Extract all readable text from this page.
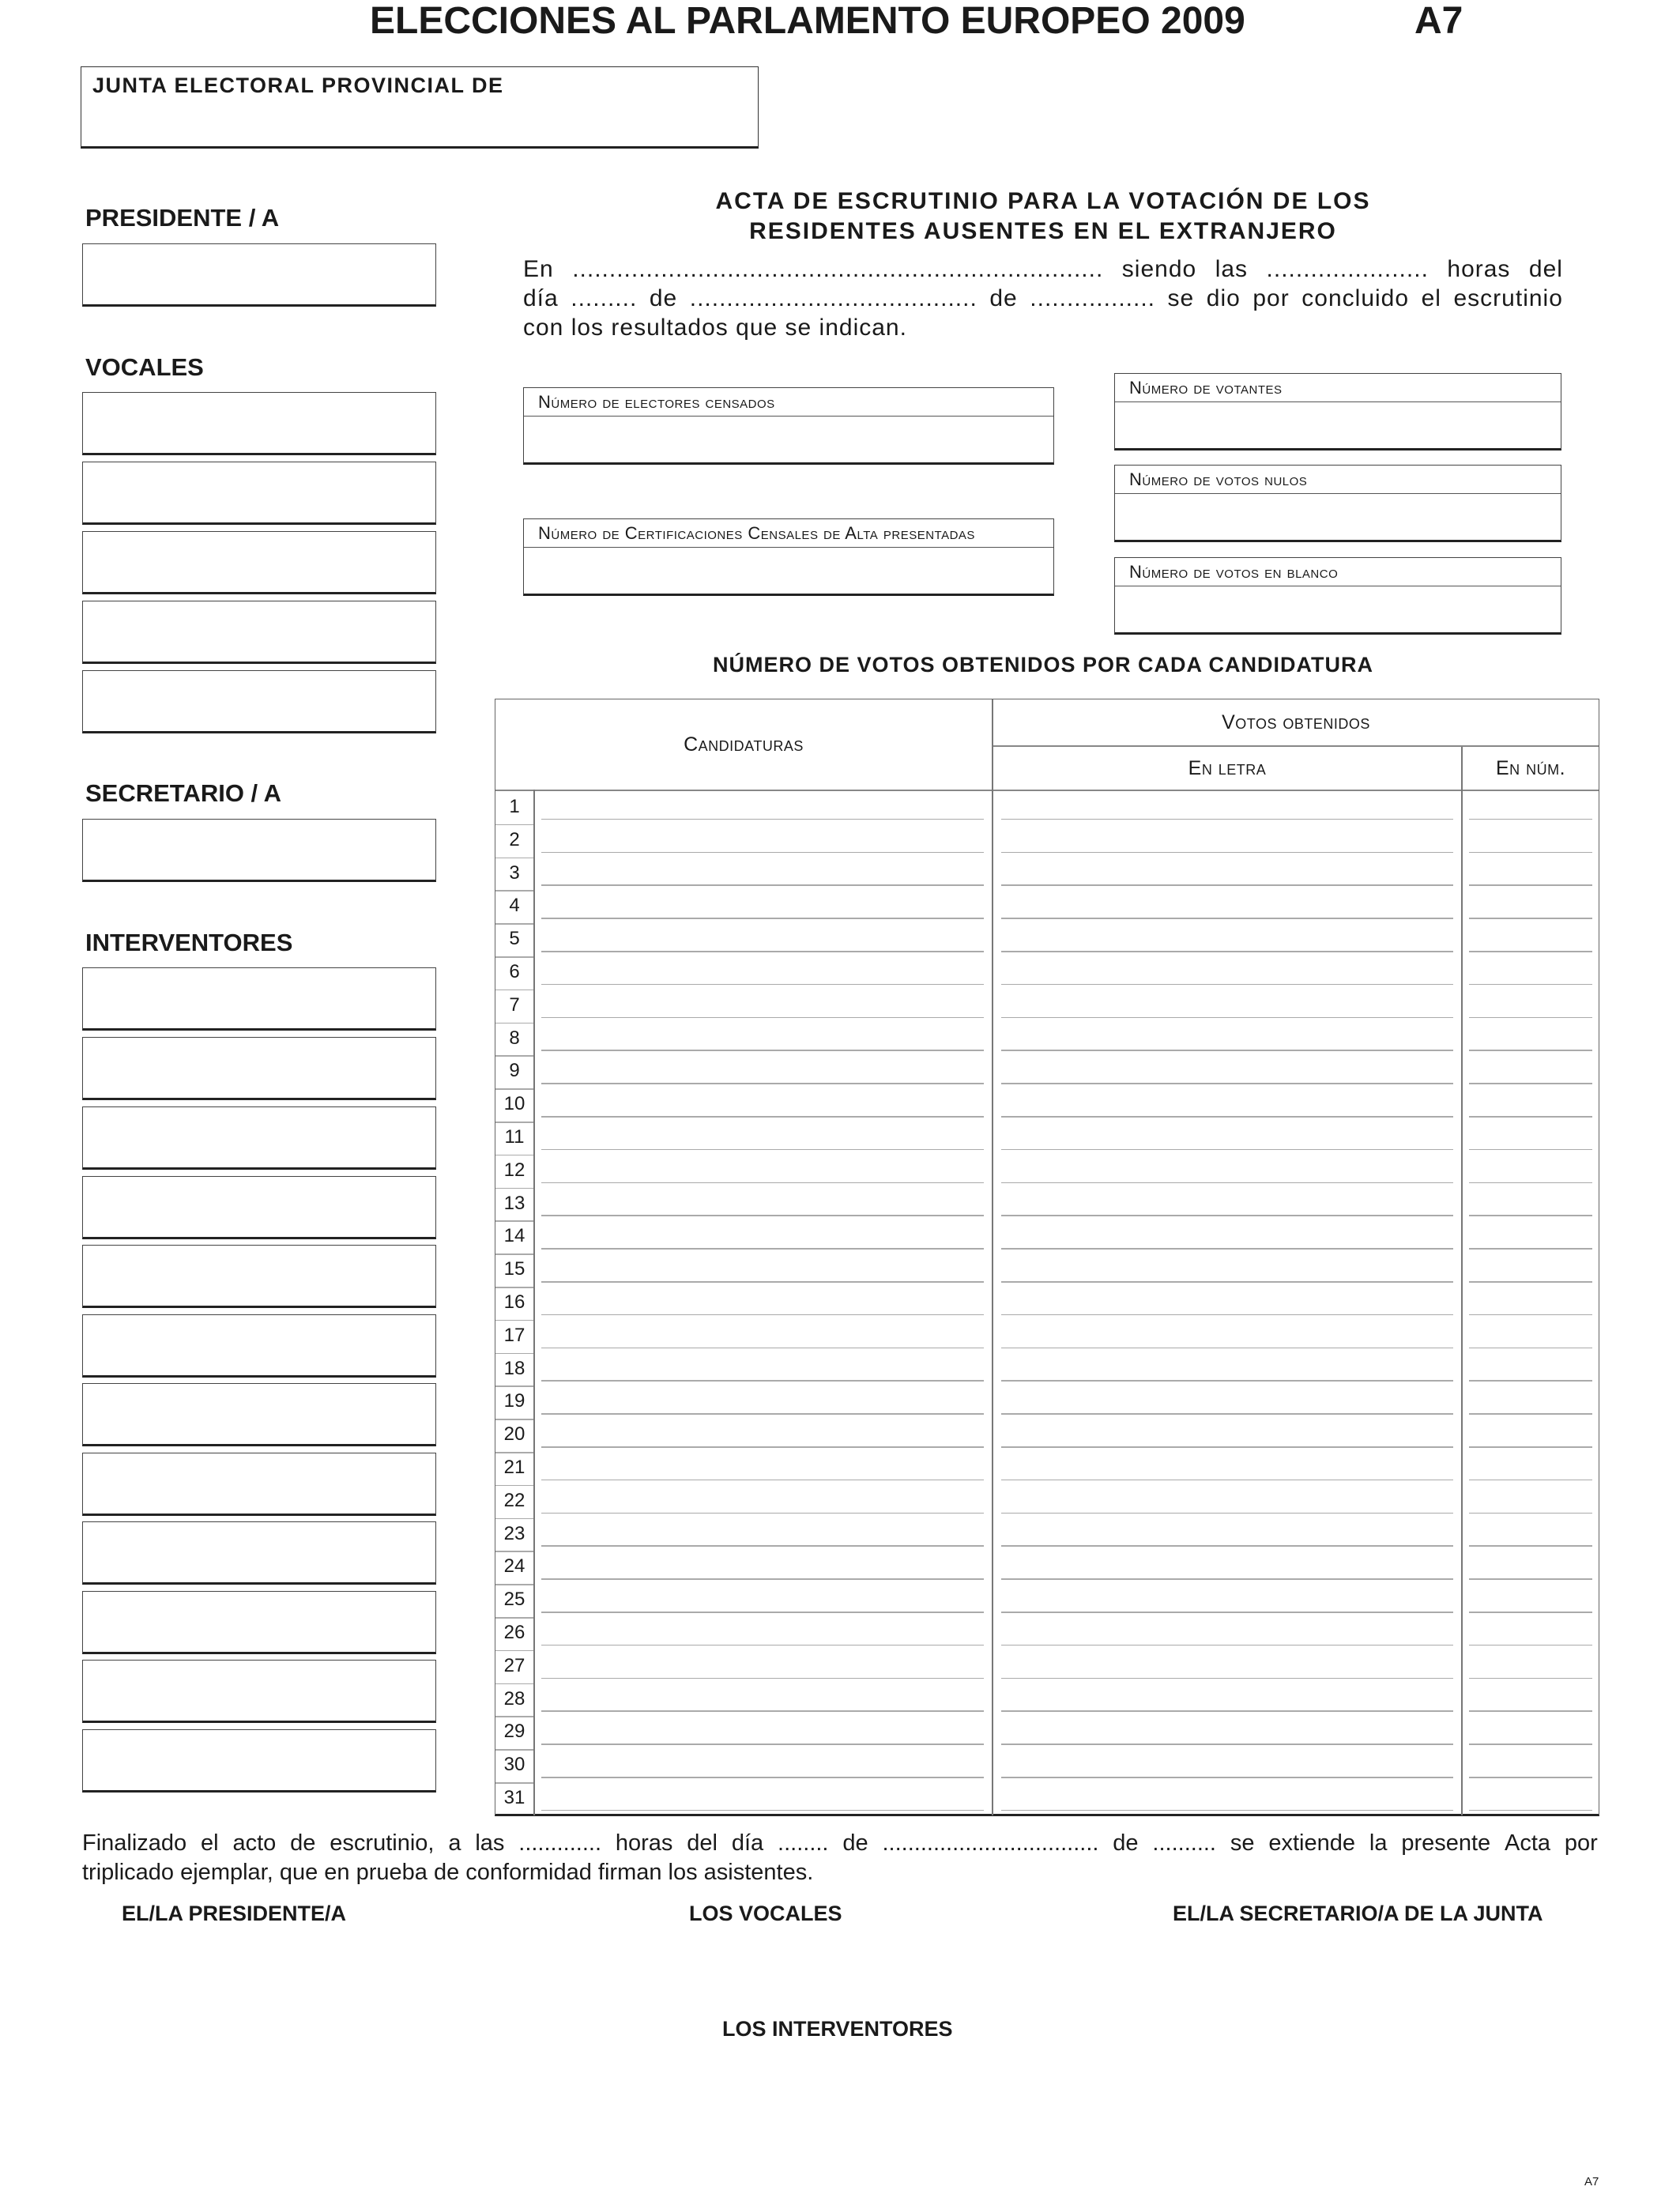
ELECCIONES AL PARLAMENTO EUROPEO 2009	A7
JUNTA ELECTORAL PROVINCIAL DE
PRESIDENTE / A
VOCALES
SECRETARIO / A
INTERVENTORES
ACTA DE ESCRUTINIO PARA LA VOTACIÓN DE LOS
RESIDENTES AUSENTES EN EL EXTRANJERO
En ........................................................................ siendo las ...................... horas del
día ......... de ....................................... de ................. se dio por concluido el escrutinio
con los resultados que se indican.
Número de electores censados
Número de Certificaciones Censales de Alta presentadas
Número de votantes
Número de votos nulos
Número de votos en blanco
NÚMERO DE VOTOS OBTENIDOS POR CADA CANDIDATURA
Candidaturas
Votos obtenidos
En letra	En núm.
1
2
3
4
5
6
7
8
9
10
11
12
13
14
15
16
17
18
19
20
21
22
23
24
25
26
27
28
29
30
31
Finalizado el acto de escrutinio, a las ............. horas del día ........ de .................................. de .......... se extiende la presente Acta por
triplicado ejemplar, que en prueba de conformidad firman los asistentes.
EL/LA PRESIDENTE/A	LOS VOCALES	EL/LA SECRETARIO/A DE LA JUNTA
LOS INTERVENTORES
A7
